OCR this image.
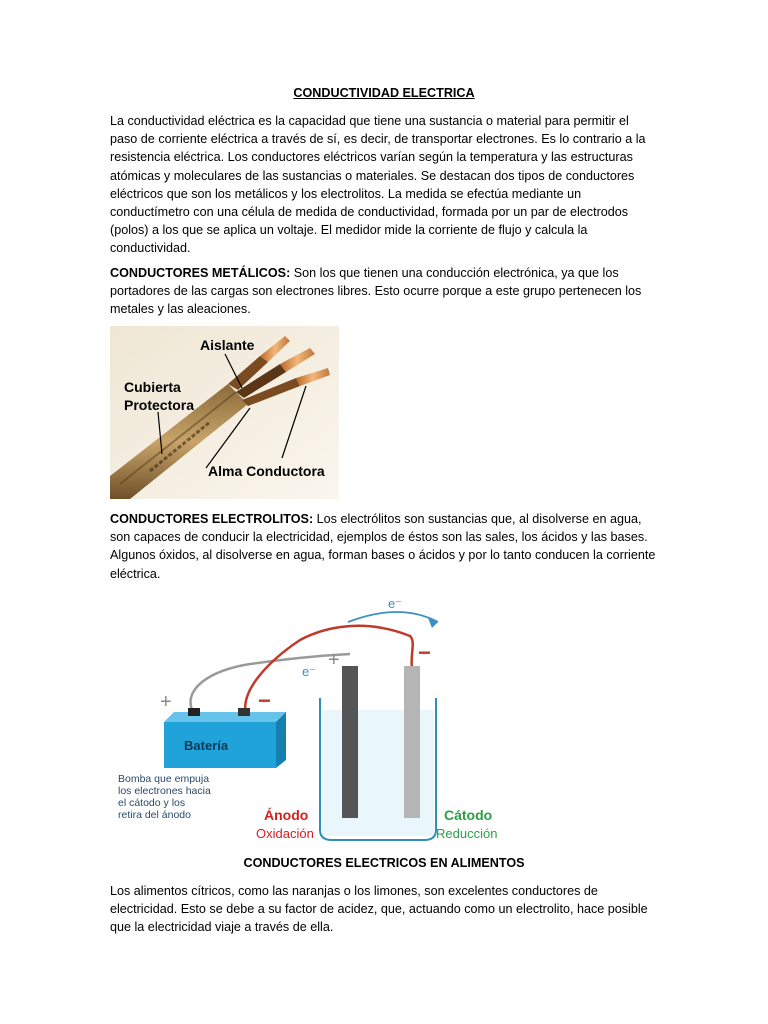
CONDUCTIVIDAD ELECTRICA

La conductividad eléctrica es la capacidad que tiene una sustancia o material para permitir el paso de corriente eléctrica a través de sí, es decir, de transportar electrones. Es lo contrario a la resistencia eléctrica. Los conductores eléctricos varían según la temperatura y las estructuras atómicas y moleculares de las sustancias o materiales. Se destacan dos tipos de conductores eléctricos que son los metálicos y los electrolitos. La medida se efectúa mediante un conductímetro con una célula de medida de conductividad, formada por un par de electrodos (polos) a los que se aplica un voltaje. El medidor mide la corriente de flujo y calcula la conductividad.

CONDUCTORES METÁLICOS: Son los que tienen una conducción electrónica, ya que los portadores de las cargas son electrones libres. Esto ocurre porque a este grupo pertenecen los metales y las aleaciones.

Aislante
Cubierta
Protectora
Alma Conductora

CONDUCTORES ELECTROLITOS: Los electrólitos son sustancias que, al disolverse en agua, son capaces de conducir la electricidad, ejemplos de éstos son las sales, los ácidos y las bases. Algunos óxidos, al disolverse en agua, forman bases o ácidos y por lo tanto conducen la corriente eléctrica.

e⁻
e⁻
+	−
Batería
+	−
Bomba que empuja
los electrones hacia
el cátodo y los
retira del ánodo	Ánodo
Oxidación
Cátodo
Reducción
CONDUCTORES ELECTRICOS EN ALIMENTOS

Los alimentos cítricos, como las naranjas o los limones, son excelentes conductores de electricidad. Esto se debe a su factor de acidez, que, actuando como un electrolito, hace posible que la electricidad viaje a través de ella.
